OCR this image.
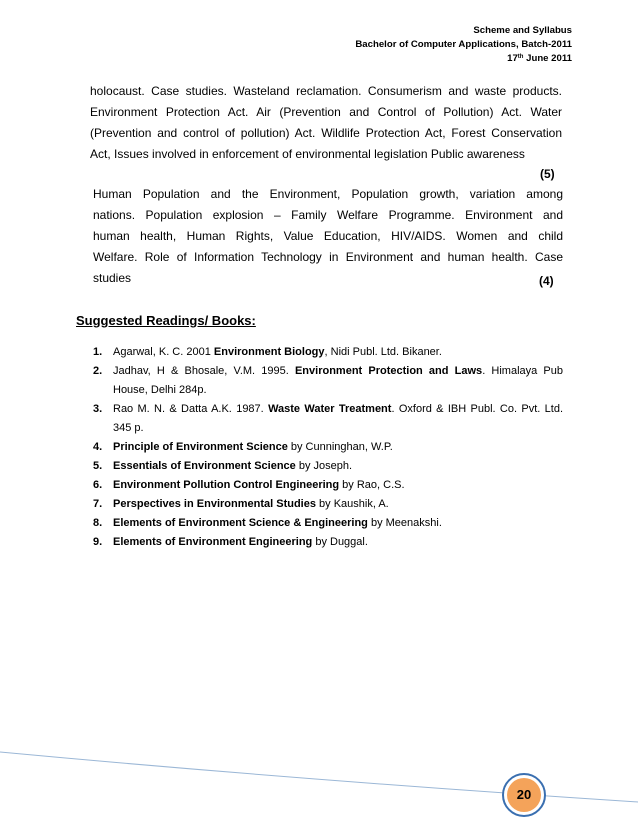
Scheme and Syllabus
Bachelor of Computer Applications, Batch-2011
17th June 2011
holocaust. Case studies. Wasteland reclamation. Consumerism and waste products.
Environment Protection Act. Air (Prevention and Control of Pollution) Act. Water
(Prevention and control of pollution) Act. Wildlife Protection Act, Forest Conservation
Act, Issues involved in enforcement of environmental legislation Public awareness
(5)
Human Population and the Environment, Population growth, variation among
nations. Population explosion – Family Welfare Programme. Environment and
human health, Human Rights, Value Education, HIV/AIDS. Women and child
Welfare. Role of Information Technology in Environment and human health. Case
studies	(4)
Suggested Readings/ Books:
1. Agarwal, K. C. 2001 Environment Biology, Nidi Publ. Ltd. Bikaner.
2. Jadhav, H & Bhosale, V.M. 1995. Environment Protection and Laws. Himalaya Pub House, Delhi 284p.
3. Rao M. N. & Datta A.K. 1987. Waste Water Treatment. Oxford & IBH Publ. Co. Pvt. Ltd. 345 p.
4. Principle of Environment Science by Cunninghan, W.P.
5. Essentials of Environment Science by Joseph.
6. Environment Pollution Control Engineering by Rao, C.S.
7. Perspectives in Environmental Studies by Kaushik, A.
8. Elements of Environment Science & Engineering by Meenakshi.
9. Elements of Environment Engineering by Duggal.
20
